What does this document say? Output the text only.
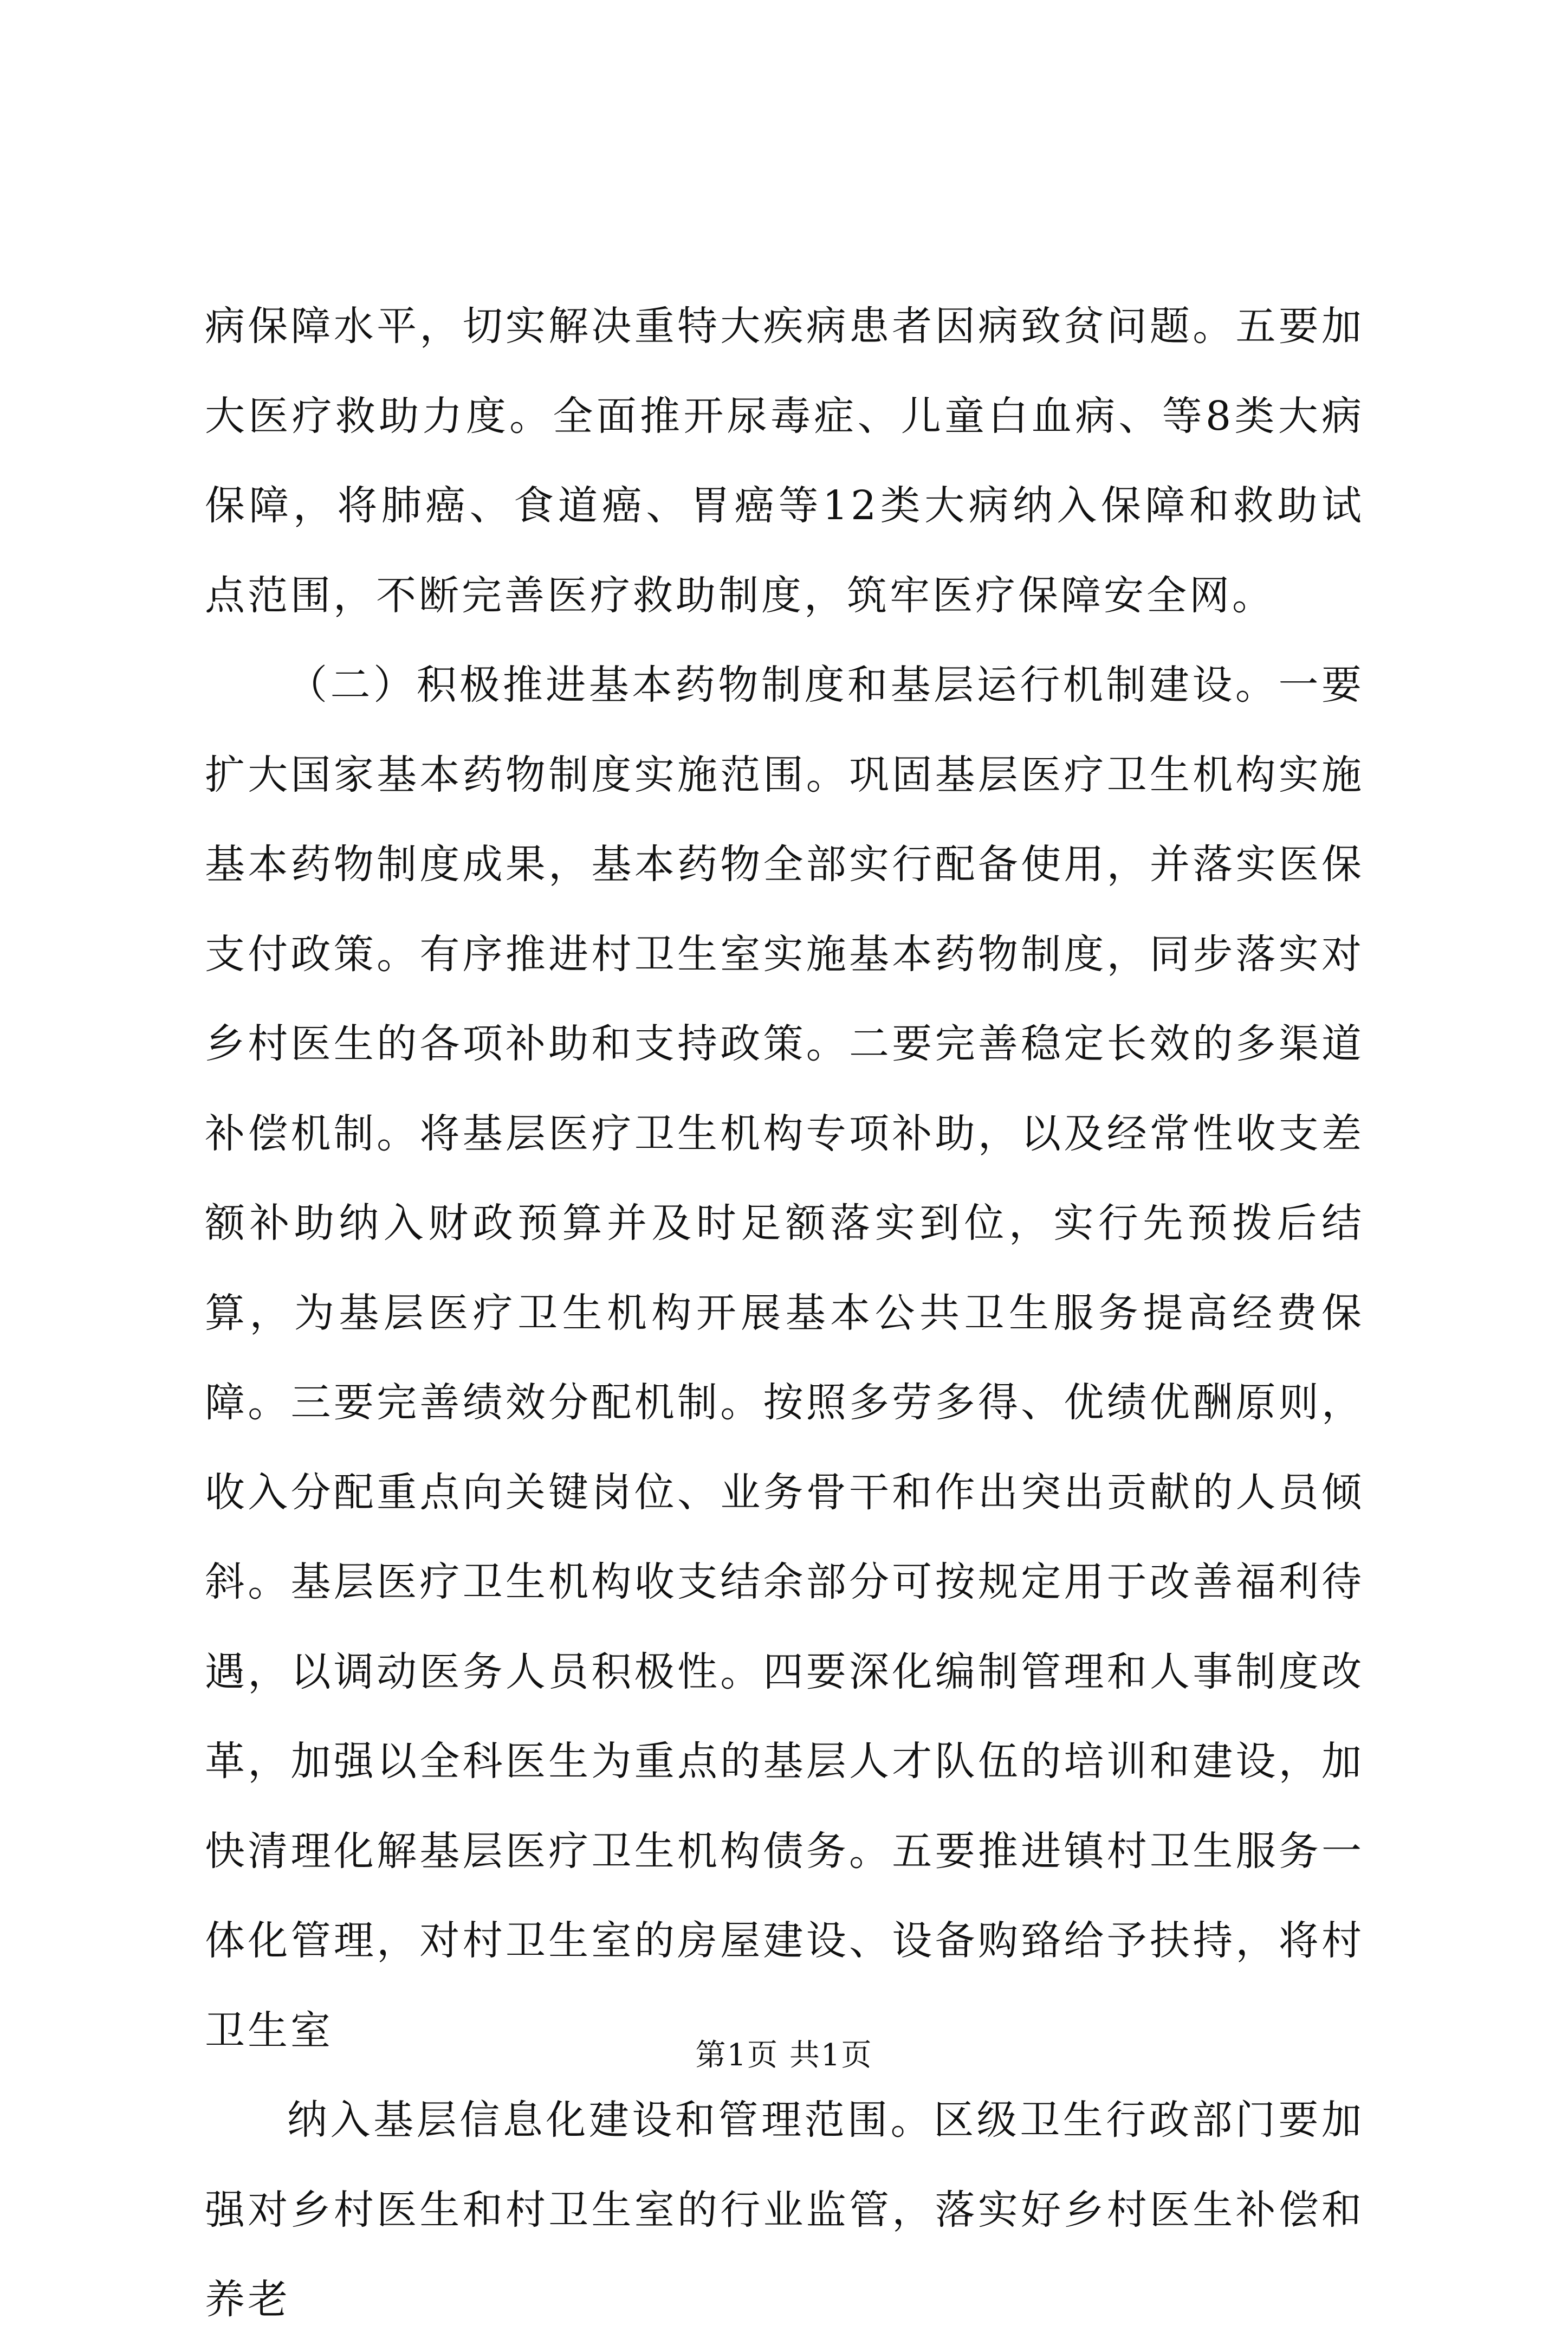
病保障水平，切实解决重特大疾病患者因病致贫问题。五要加大医疗救助力度。全面推开尿毒症、儿童白血病、等8类大病保障，将肺癌、食道癌、胃癌等12类大病纳入保障和救助试点范围，不断完善医疗救助制度，筑牢医疗保障安全网。

（二）积极推进基本药物制度和基层运行机制建设。一要扩大国家基本药物制度实施范围。巩固基层医疗卫生机构实施基本药物制度成果，基本药物全部实行配备使用，并落实医保支付政策。有序推进村卫生室实施基本药物制度，同步落实对乡村医生的各项补助和支持政策。二要完善稳定长效的多渠道补偿机制。将基层医疗卫生机构专项补助，以及经常性收支差额补助纳入财政预算并及时足额落实到位，实行先预拨后结算，为基层医疗卫生机构开展基本公共卫生服务提高经费保障。三要完善绩效分配机制。按照多劳多得、优绩优酬原则，收入分配重点向关键岗位、业务骨干和作出突出贡献的人员倾斜。基层医疗卫生机构收支结余部分可按规定用于改善福利待遇，以调动医务人员积极性。四要深化编制管理和人事制度改革，加强以全科医生为重点的基层人才队伍的培训和建设，加快清理化解基层医疗卫生机构债务。五要推进镇村卫生服务一体化管理，对村卫生室的房屋建设、设备购臵给予扶持，将村卫生室

纳入基层信息化建设和管理范围。区级卫生行政部门要加强对乡村医生和村卫生室的行业监管，落实好乡村医生补偿和养老

第1页 共1页
